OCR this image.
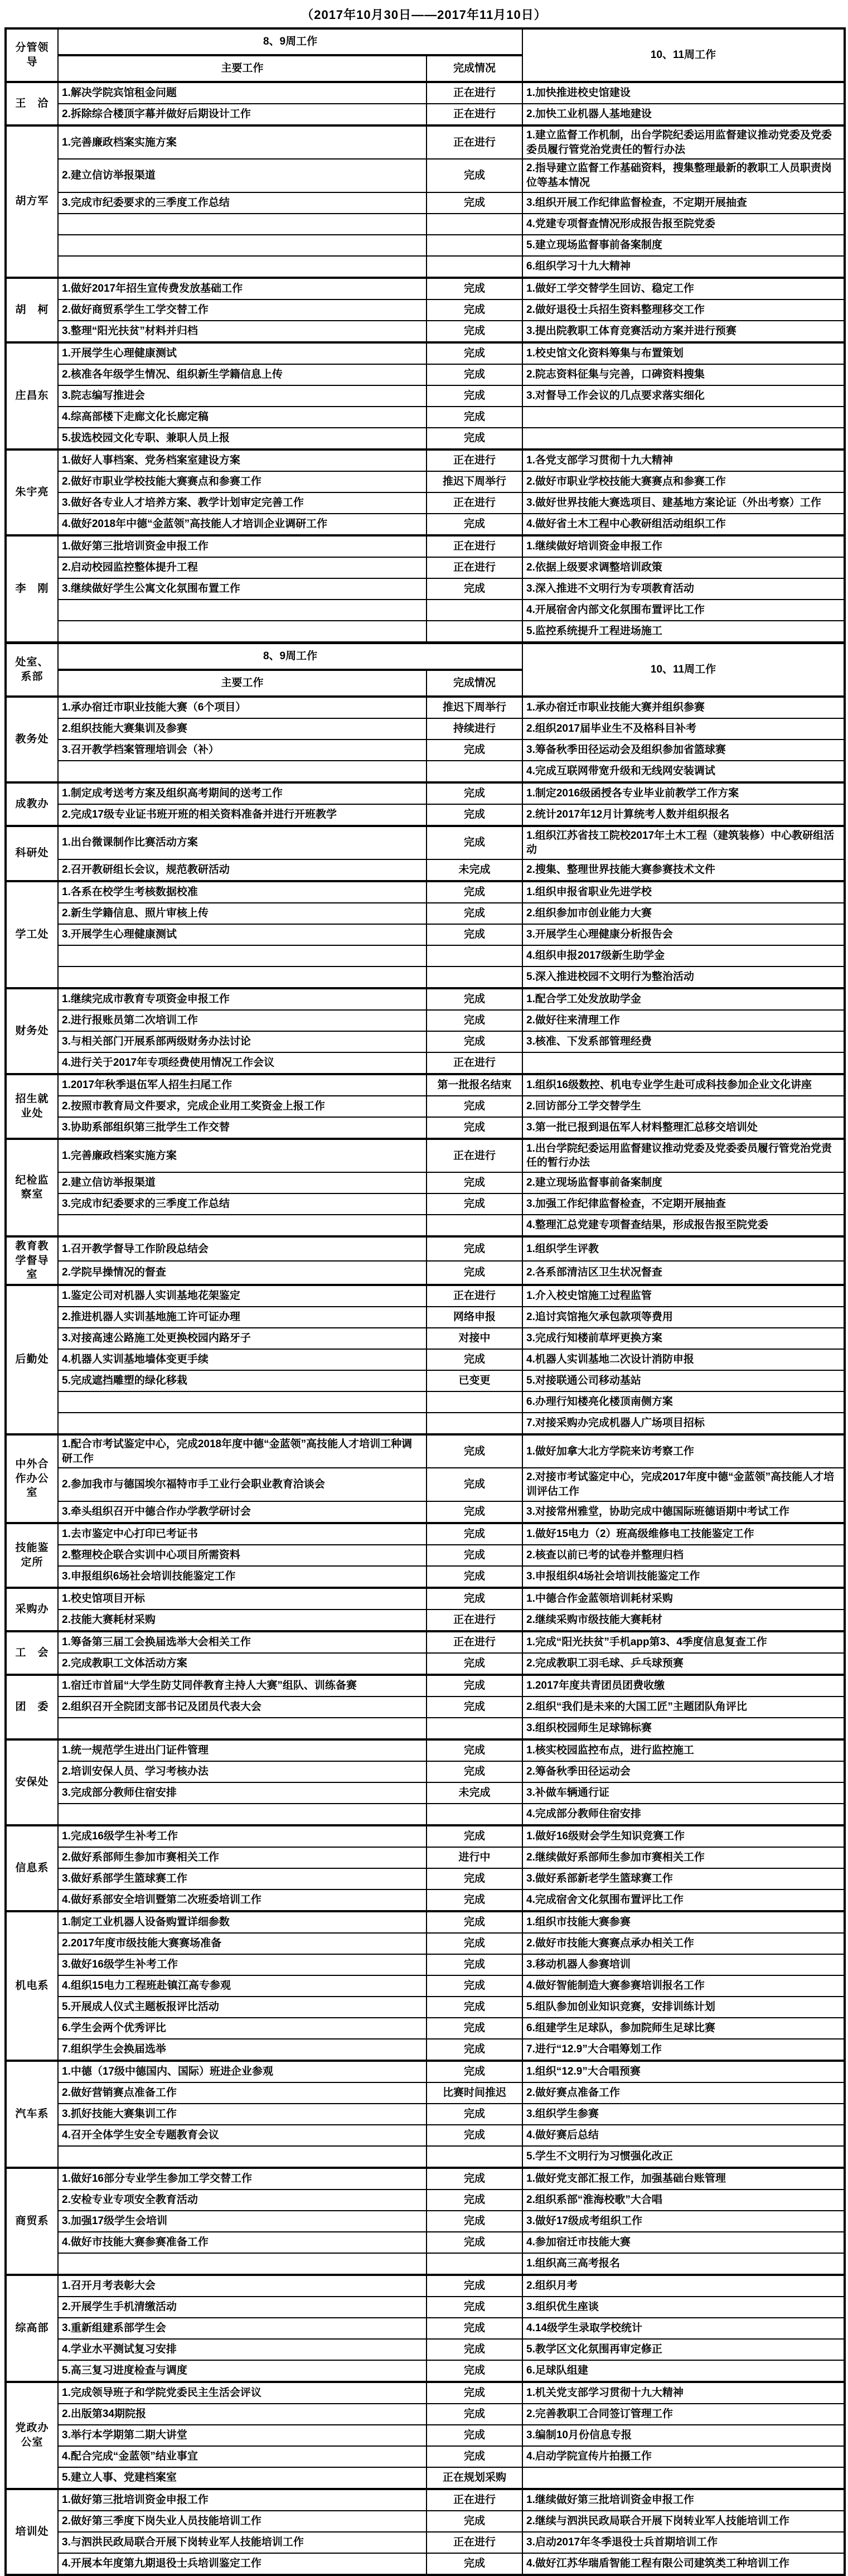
（2017年10月30日——2017年11月10日）
分管领导	8、9周工作		10、11周工作
	主要工作	完成情况	
王　洽	1.解决学院宾馆租金问题	正在进行	1.加快推进校史馆建设
	2.拆除综合楼顶字幕并做好后期设计工作	正在进行	2.加快工业机器人基地建设
胡方军	1.完善廉政档案实施方案	正在进行	1.建立监督工作机制，出台学院纪委运用监督建议推动党委及党委委员履行管党治党责任的暂行办法
	2.建立信访举报渠道	完成	2.指导建立监督工作基础资料，搜集整理最新的教职工人员职责岗位等基本情况
	3.完成市纪委要求的三季度工作总结	完成	3.组织开展工作纪律监督检查，不定期开展抽查
			4.党建专项督查情况形成报告报至院党委
			5.建立现场监督事前备案制度
			6.组织学习十九大精神
胡　柯	1.做好2017年招生宣传费发放基础工作	完成	1.做好工学交替学生回访、稳定工作
	2.做好商贸系学生工学交替工作	完成	2.做好退役士兵招生资料整理移交工作
	3.整理“阳光扶贫”材料并归档	完成	3.提出院教职工体育竞赛活动方案并进行预赛
庄昌东	1.开展学生心理健康测试	完成	1.校史馆文化资料筹集与布置策划
	2.核准各年级学生情况、组织新生学籍信息上传	完成	2.院志资料征集与完善，口碑资料搜集
	3.院志编写推进会	完成	3.对督导工作会议的几点要求落实细化
	4.综高部楼下走廊文化长廊定稿	完成	
	5.拔选校园文化专职、兼职人员上报	完成	
朱宇亮	1.做好人事档案、党务档案室建设方案	正在进行	1.各党支部学习贯彻十九大精神
	2.做好市职业学校技能大赛赛点和参赛工作	推迟下周举行	2.做好市职业学校技能大赛赛点和参赛工作
	3.做好各专业人才培养方案、教学计划审定完善工作	正在进行	3.做好世界技能大赛选项目、建基地方案论证（外出考察）工作
	4.做好2018年中德“金蓝领”高技能人才培训企业调研工作	完成	4.做好省土木工程中心教研组活动组织工作
李　刚	1.做好第三批培训资金申报工作	正在进行	1.继续做好培训资金申报工作
	2.启动校园监控整体提升工程	正在进行	2.依据上级要求调整培训政策
	3.继续做好学生公寓文化氛围布置工作	完成	3.深入推进不文明行为专项教育活动
			4.开展宿舍内部文化氛围布置评比工作
			5.监控系统提升工程进场施工
处室、系部	8、9周工作		10、11周工作
	主要工作	完成情况	
教务处	1.承办宿迁市职业技能大赛（6个项目）	推迟下周举行	1.承办宿迁市职业技能大赛并组织参赛
	2.组织技能大赛集训及参赛	持续进行	2.组织2017届毕业生不及格科目补考
	3.召开教学档案管理培训会（补）	完成	3.筹备秋季田径运动会及组织参加省篮球赛
			4.完成互联网带宽升级和无线网安装调试
成教办	1.制定成考送考方案及组织高考期间的送考工作	完成	1.制定2016级函授各专业毕业前教学工作方案
	2.完成17级专业证书班开班的相关资料准备并进行开班教学	完成	2.统计2017年12月计算统考人数并组织报名
科研处	1.出台微课制作比赛活动方案	完成	1.组织江苏省技工院校2017年土木工程（建筑装修）中心教研组活动
	2.召开教研组长会议，规范教研活动	未完成	2.搜集、整理世界技能大赛参赛技术文件
学工处	1.各系在校学生考核数据校准	完成	1.组织申报省职业先进学校
	2.新生学籍信息、照片审核上传	完成	2.组织参加市创业能力大赛
	3.开展学生心理健康测试	完成	3.开展学生心理健康分析报告会
			4.组织申报2017级新生助学金
			5.深入推进校园不文明行为整治活动
财务处	1.继续完成市教育专项资金申报工作	完成	1.配合学工处发放助学金
	2.进行报账员第二次培训工作	完成	2.做好往来清理工作
	3.与相关部门开展系部两级财务办法讨论	完成	3.核准、下发系部管理经费
	4.进行关于2017年专项经费使用情况工作会议	正在进行	
招生就业处	1.2017年秋季退伍军人招生扫尾工作	第一批报名结束	1.组织16级数控、机电专业学生赴可成科技参加企业文化讲座
	2.按照市教育局文件要求，完成企业用工奖资金上报工作	完成	2.回访部分工学交替学生
	3.协助系部组织第三批学生工作交替	完成	3.第一批已报到退伍军人材料整理汇总移交培训处
纪检监察室	1.完善廉政档案实施方案	正在进行	1.出台学院纪委运用监督建议推动党委及党委委员履行管党治党责任的暂行办法
	2.建立信访举报渠道	完成	2.建立现场监督事前备案制度
	3.完成市纪委要求的三季度工作总结	完成	3.加强工作纪律监督检查，不定期开展抽查
			4.整理汇总党建专项督查结果，形成报告报至院党委
教育教学督导室	1.召开教学督导工作阶段总结会	完成	1.组织学生评教
	2.学院早操情况的督查	完成	2.各系部清洁区卫生状况督查
后勤处	1.鉴定公司对机器人实训基地花架鉴定	正在进行	1.介入校史馆施工过程监管
	2.推进机器人实训基地施工许可证办理	网络申报	2.追讨宾馆拖欠承包款项等费用
	3.对接高速公路施工处更换校园内路牙子	对接中	3.完成行知楼前草坪更换方案
	4.机器人实训基地墙体变更手续	完成	4.机器人实训基地二次设计消防申报
	5.完成遮挡雕塑的绿化移栽	已变更	5.对接联通公司移动基站
			6.办理行知楼亮化楼顶南侧方案
			7.对接采购办完成机器人广场项目招标
中外合作办公室	1.配合市考试鉴定中心，完成2018年度中德“金蓝领”高技能人才培训工种调研工作	完成	1.做好加拿大北方学院来访考察工作
	2.参加我市与德国埃尔福特市手工业行会职业教育洽谈会	完成	2.对接市考试鉴定中心，完成2017年度中德“金蓝领”高技能人才培训评估工作
	3.牵头组织召开中德合作办学教学研讨会	完成	3.对接常州雅堂，协助完成中德国际班德语期中考试工作
技能鉴定所	1.去市鉴定中心打印已考证书	完成	1.做好15电力（2）班高级维修电工技能鉴定工作
	2.整理校企联合实训中心项目所需资料	完成	2.核查以前已考的试卷并整理归档
	3.申报组织6场社会培训技能鉴定工作	完成	3.申报组织4场社会培训技能鉴定工作
采购办	1.校史馆项目开标	完成	1.中德合作金蓝领培训耗材采购
	2.技能大赛耗材采购	正在进行	2.继续采购市级技能大赛耗材
工　会	1.筹备第三届工会换届选举大会相关工作	正在进行	1.完成“阳光扶贫”手机app第3、4季度信息复查工作
	2.完成教职工文体活动方案	完成	2.完成教职工羽毛球、乒乓球预赛
团　委	1.宿迁市首届“大学生防艾同伴教育主持人大赛”组队、训练备赛	完成	1.2017年度共青团员团费收缴
	2.组织召开全院团支部书记及团员代表大会	完成	2.组织“我们是未来的大国工匠”主题团队角评比
			3.组织校园师生足球锦标赛
安保处	1.统一规范学生进出门证件管理	完成	1.核实校园监控布点，进行监控施工
	2.培训安保人员、学习考核办法	完成	2.筹备秋季田径运动会
	3.完成部分教师住宿安排	未完成	3.补做车辆通行证
			4.完成部分教师住宿安排
信息系	1.完成16级学生补考工作	完成	1.做好16级财会学生知识竞赛工作
	2.做好系部师生参加市赛相关工作	进行中	2.继续做好系部师生参加市赛相关工作
	3.做好系部学生篮球赛工作	完成	3.做好系部新老学生篮球赛工作
	4.做好系部安全培训暨第二次班委培训工作	完成	4.完成宿舍文化氛围布置评比工作
机电系	1.制定工业机器人设备购置详细参数	完成	1.组织市技能大赛参赛
	2.2017年度市级技能大赛赛场准备	完成	2.做好市技能大赛赛点承办相关工作
	3.做好16级学生补考工作	完成	3.移动机器人参赛培训
	4.组织15电力工程班赴镇江高专参观	完成	4.做好智能制造大赛参赛培训报名工作
	5.开展成人仪式主题板报评比活动	完成	5.组队参加创业知识竞赛，安排训练计划
	6.学生会两个优秀评比	完成	6.组建学生足球队，参加院师生足球比赛
	7.组织学生会换届选举	完成	7.进行“12.9”大合唱筹划工作
汽车系	1.中德（17级中德国内、国际）班进企业参观	完成	1.组织“12.9”大合唱预赛
	2.做好营销赛点准备工作	比赛时间推迟	2.做好赛点准备工作
	3.抓好技能大赛集训工作	完成	3.组织学生参赛
	4.召开全体学生安全专题教育会议	完成	4.做好赛后总结
			5.学生不文明行为习惯强化改正
商贸系	1.做好16部分专业学生参加工学交替工作	完成	1.做好党支部汇报工作，加强基础台账管理
	2.安检专业专项安全教育活动	完成	2.组织系部“淮海校歌”大合唱
	3.加强17级学生会培训	完成	3.做好17级成考组织工作
	4.做好市技能大赛参赛准备工作	完成	4.参加宿迁市技能大赛
			1.组织高三高考报名
综高部	1.召开月考表彰大会	完成	2.组织月考
	2.开展学生手机清缴活动	完成	3.组织优生座谈
	3.重新组建系部学生会	完成	4.14级学生录取学校统计
	4.学业水平测试复习安排	完成	5.教学区文化氛围再审定修正
	5.高三复习进度检查与调度	完成	6.足球队组建
党政办公室	1.完成领导班子和学院党委民主生活会评议	完成	1.机关党支部学习贯彻十九大精神
	2.出版第34期院报	完成	2.完善教职工合同签订管理工作
	3.举行本学期第二期大讲堂	完成	3.编制10月份信息专报
	4.配合完成“金蓝领”结业事宜	完成	4.启动学院宣传片拍摄工作
	5.建立人事、党建档案室	正在规划采购	
培训处	1.做好第三批培训资金申报工作	正在进行	1.继续做好第三批培训资金申报工作
	2.做好第三季度下岗失业人员技能培训工作	完成	2.继续与泗洪民政局联合开展下岗转业军人技能培训工作
	3.与泗洪民政局联合开展下岗转业军人技能培训工作	正在进行	3.启动2017年冬季退役士兵首期培训工作
	4.开展本年度第九期退役士兵培训鉴定工作	完成	4.做好江苏华瑞盾智能工程有限公司建筑类工种培训工作
